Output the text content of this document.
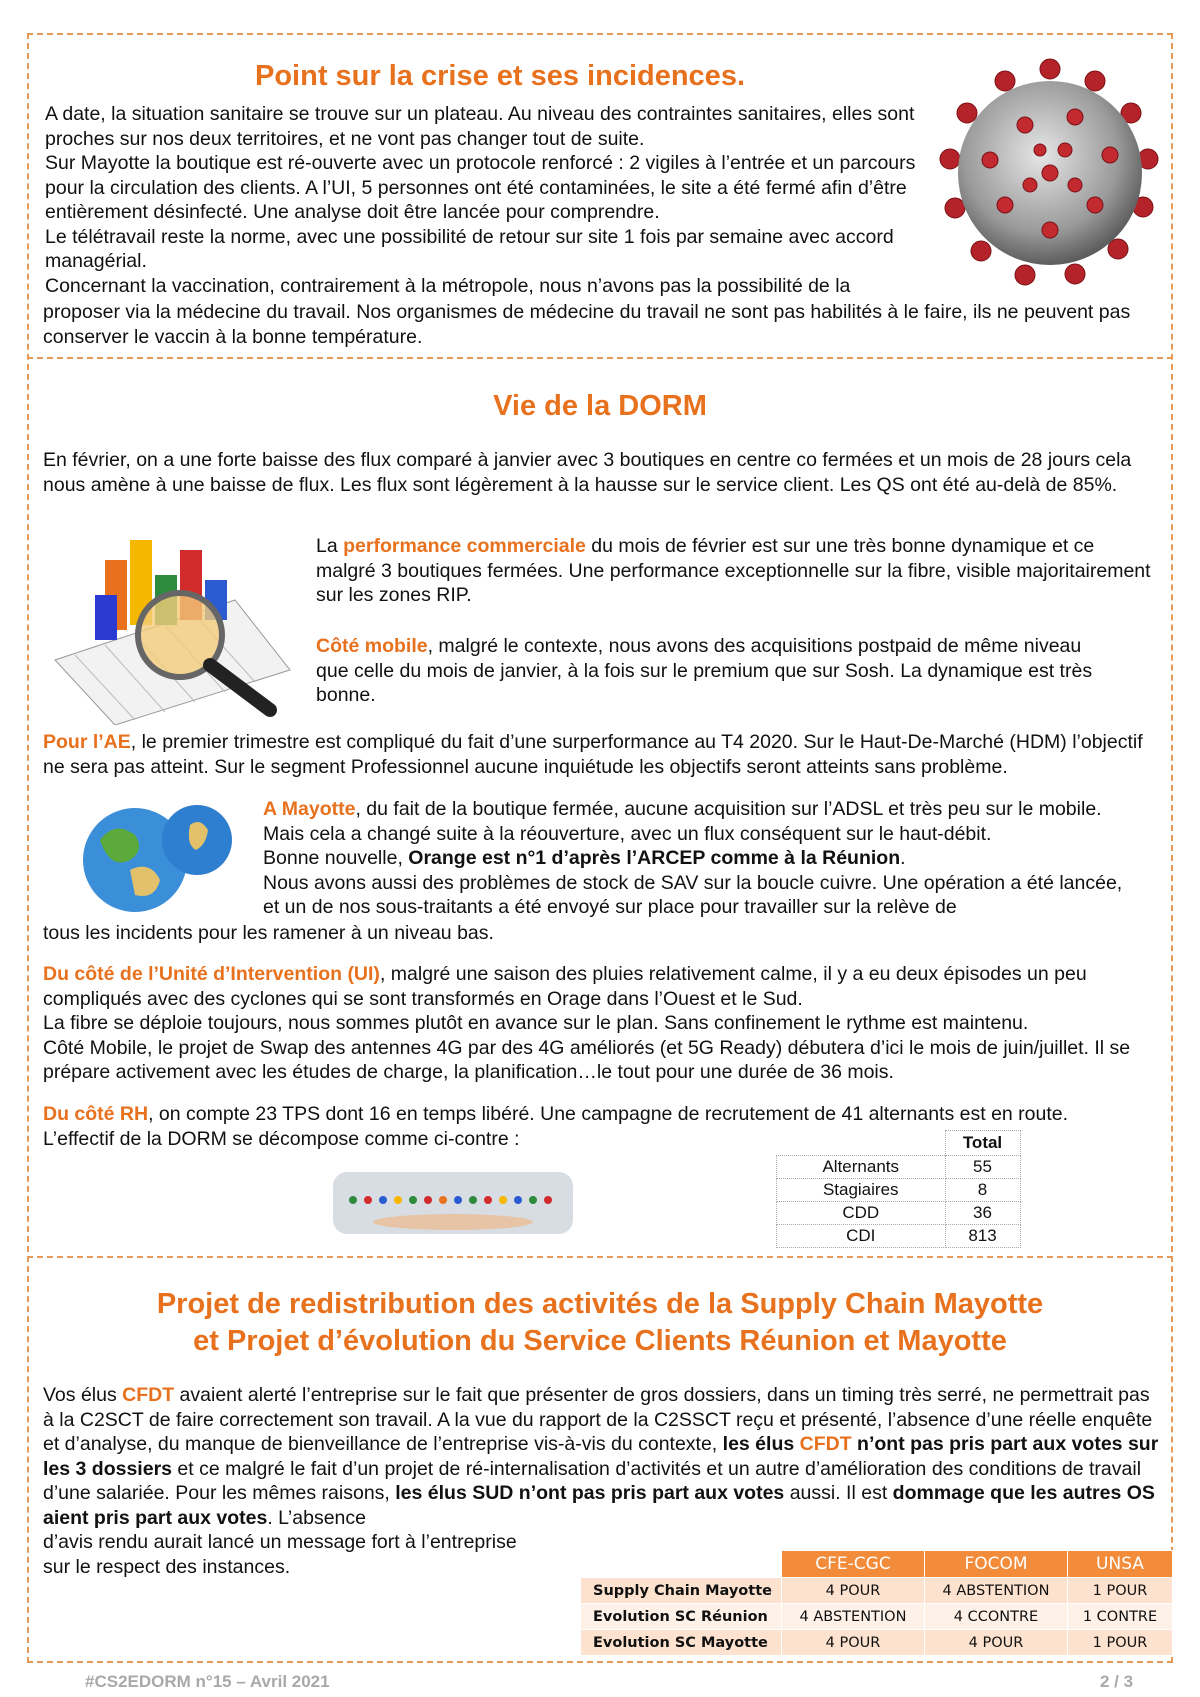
Point sur la crise et ses incidences.

A date, la situation sanitaire se trouve sur un plateau. Au niveau des contraintes sanitaires, elles sont proches sur nos deux territoires, et ne vont pas changer tout de suite.

Sur Mayotte la boutique est ré-ouverte avec un protocole renforcé : 2 vigiles à l’entrée et un parcours pour la circulation des clients. A l’UI, 5 personnes ont été contaminées, le site a été fermé afin d’être entièrement désinfecté. Une analyse doit être lancée pour comprendre.

Le télétravail reste la norme, avec une possibilité de retour sur site 1 fois par semaine avec accord managérial.

Concernant la vaccination, contrairement à la métropole, nous n’avons pas la possibilité de la

proposer via la médecine du travail. Nos organismes de médecine du travail ne sont pas habilités à le faire, ils ne peuvent pas conserver le vaccin à la bonne température.
Vie de la DORM
En février, on a une forte baisse des flux comparé à janvier avec 3 boutiques en centre co fermées et un mois de 28 jours cela nous amène à une baisse de flux. Les flux sont légèrement à la hausse sur le service client. Les QS ont été au-delà de 85%.
La performance commerciale du mois de février est sur une très bonne dynamique et ce malgré 3 boutiques fermées. Une performance exceptionnelle sur la fibre, visible majoritairement sur les zones RIP.
Côté mobile, malgré le contexte, nous avons des acquisitions postpaid de même niveau que celle du mois de janvier, à la fois sur le premium que sur Sosh. La dynamique est très bonne.
Pour l’AE, le premier trimestre est compliqué du fait d’une surperformance au T4 2020. Sur le Haut-De-Marché (HDM) l’objectif ne sera pas atteint. Sur le segment Professionnel aucune inquiétude les objectifs seront atteints sans problème.

A Mayotte, du fait de la boutique fermée, aucune acquisition sur l’ADSL et très peu sur le mobile. Mais cela a changé suite à la réouverture, avec un flux conséquent sur le haut-débit.

Bonne nouvelle, Orange est n°1 d’après l’ARCEP comme à la Réunion.

Nous avons aussi des problèmes de stock de SAV sur la boucle cuivre. Une opération a été lancée, et un de nos sous-traitants a été envoyé sur place pour travailler sur la relève de

tous les incidents pour les ramener à un niveau bas.

Du côté de l’Unité d’Intervention (UI), malgré une saison des pluies relativement calme, il y a eu deux épisodes un peu compliqués avec des cyclones qui se sont transformés en Orage dans l’Ouest et le Sud.

La fibre se déploie toujours, nous sommes plutôt en avance sur le plan. Sans confinement le rythme est maintenu.

Côté Mobile, le projet de Swap des antennes 4G par des 4G améliorés (et 5G Ready) débutera d’ici le mois de juin/juillet. Il se prépare activement avec les études de charge, la planification…le tout pour une durée de 36 mois.

Du côté RH, on compte 23 TPS dont 16 en temps libéré. Une campagne de recrutement de 41 alternants est en route. L’effectif de la DORM se décompose comme ci-contre :
		Total
Alternants	55
Stagiaires	8
CDD	36
CDI	813
Projet de redistribution des activités de la Supply Chain Mayotte
et Projet d’évolution du Service Clients Réunion et Mayotte
Vos élus CFDT avaient alerté l’entreprise sur le fait que présenter de gros dossiers, dans un timing très serré, ne permettrait pas à la C2SCT de faire correctement son travail. A la vue du rapport de la C2SSCT reçu et présenté, l’absence d’une réelle enquête et d’analyse, du manque de bienveillance de l’entreprise vis-à-vis du contexte, les élus CFDT n’ont pas pris part aux votes sur les 3 dossiers et ce malgré le fait d’un projet de ré-internalisation d’activités et un autre d’amélioration des conditions de travail d’une salariée. Pour les mêmes raisons, les élus SUD n’ont pas pris part aux votes aussi. Il est dommage que les autres OS aient pris part aux votes. L’absence

d’avis rendu aurait lancé un message fort à l’entreprise

sur le respect des instances.

		CFE-CGC	FOCOM	UNSA
Supply Chain Mayotte	4 POUR	4 ABSTENTION	1 POUR
Evolution SC Réunion	4 ABSTENTION	4 CCONTRE	1 CONTRE
Evolution SC Mayotte	4 POUR	4 POUR	1 POUR
#CS2EDORM n°15 – Avril 2021	2 / 3
